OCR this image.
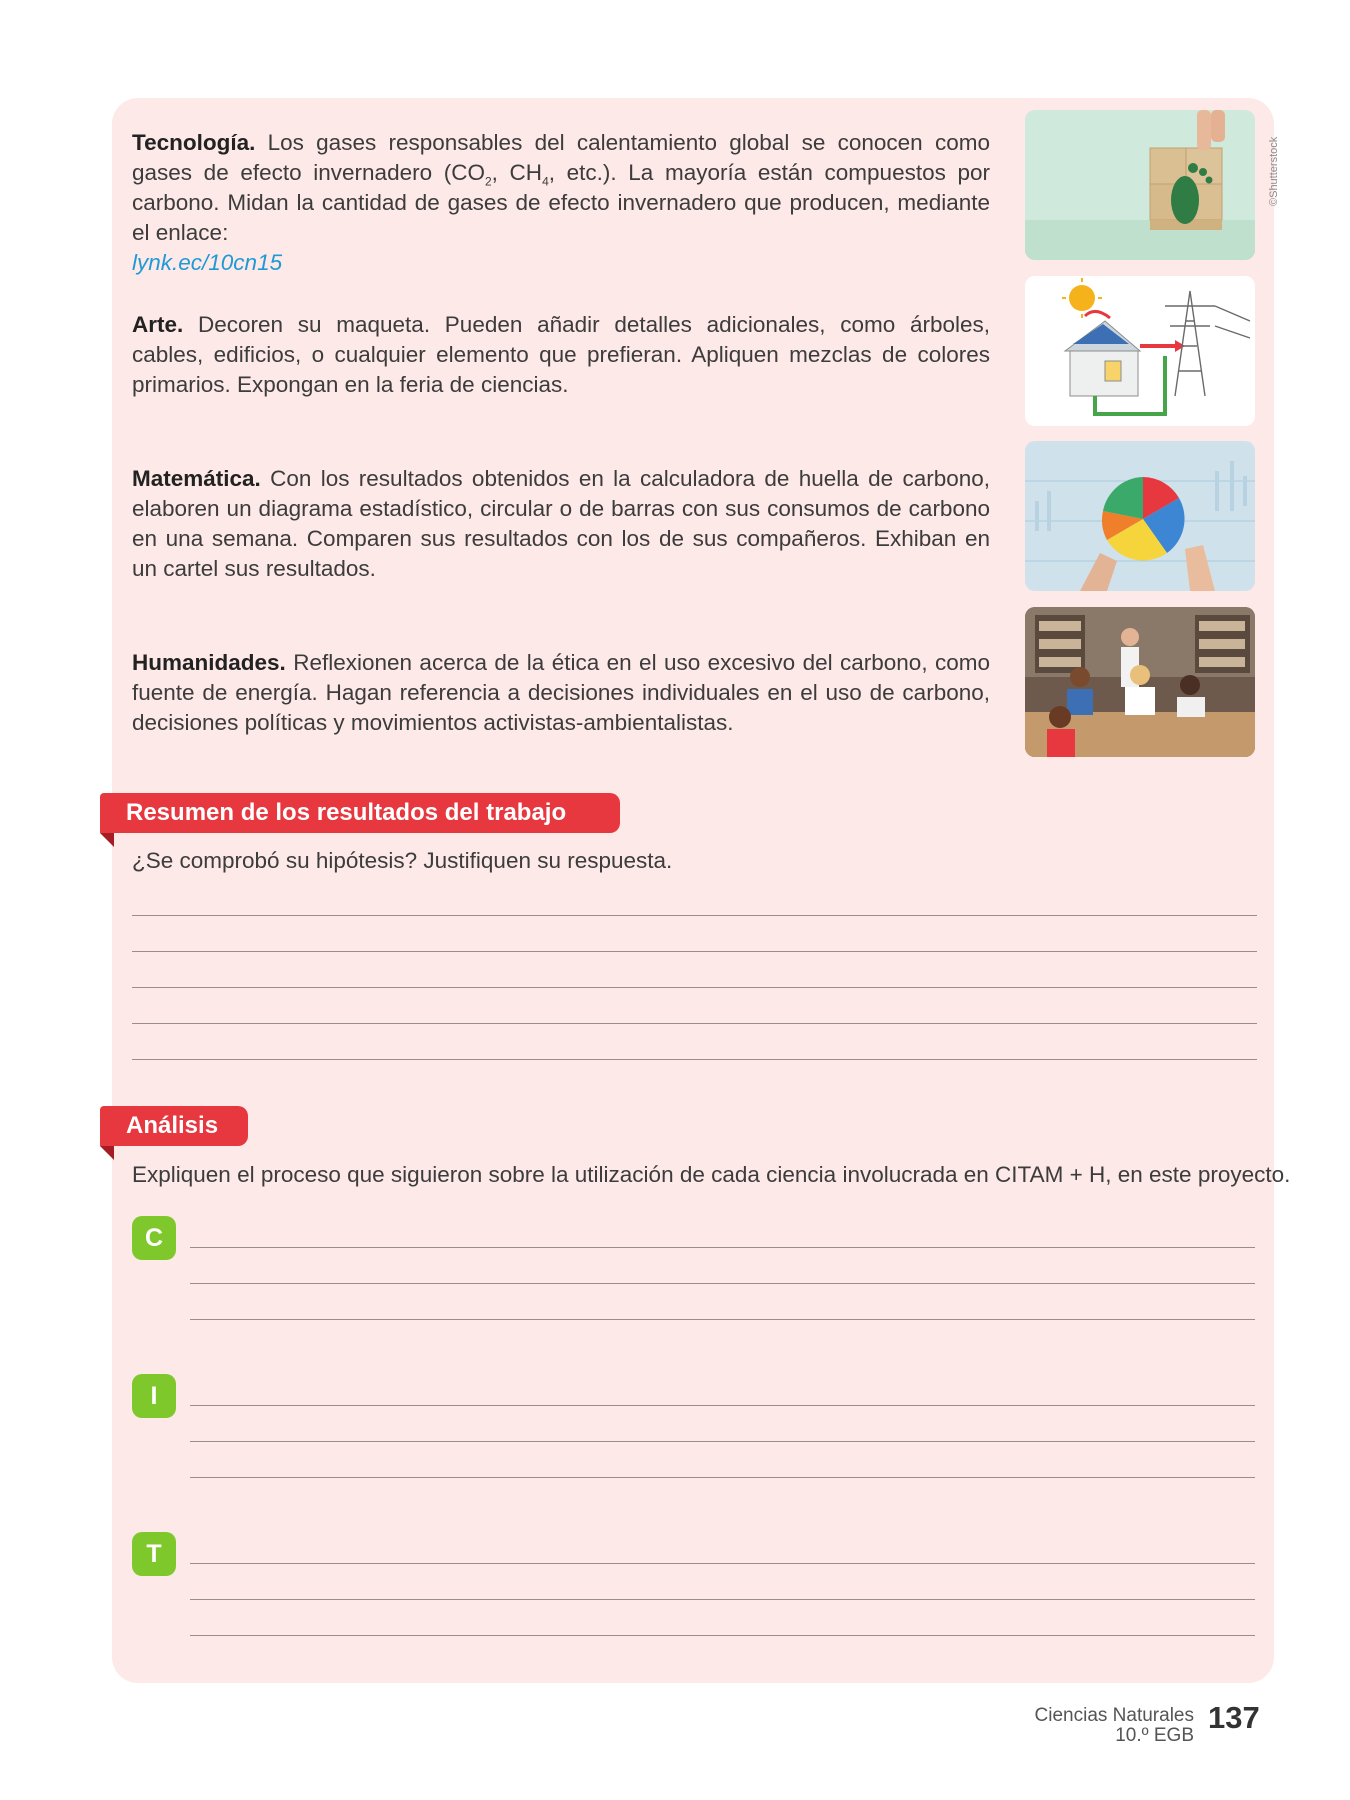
Tecnología. Los gases responsables del calentamiento global se conocen como gases de efecto invernadero ($CO_2$, $CH_4$, etc.). La mayoría están compuestos por carbono. Midan la cantidad de gases de efecto invernadero que producen, mediante el enlace:
lynk.ec/10cn15
Arte. Decoren su maqueta. Pueden añadir detalles adicionales, como árboles, cables, edificios, o cualquier elemento que prefieran. Apliquen mezclas de colores primarios. Expongan en la feria de ciencias.
Matemática. Con los resultados obtenidos en la calculadora de huella de carbono, elaboren un diagrama estadístico, circular o de barras con sus consumos de carbono en una semana. Comparen sus resultados con los de sus compañeros. Exhiban en un cartel sus resultados.
Humanidades. Reflexionen acerca de la ética en el uso excesivo del carbono, como fuente de energía. Hagan referencia a decisiones individuales en el uso de carbono, decisiones políticas y movimientos activistas-ambientalistas.
©Shutterstock
Resumen de los resultados del trabajo
¿Se comprobó su hipótesis? Justifiquen su respuesta.
Análisis
Expliquen el proceso que siguieron sobre la utilización de cada ciencia involucrada en CITAM + H, en este proyecto.
C
I
T
Ciencias Naturales
10.º EGB
137
